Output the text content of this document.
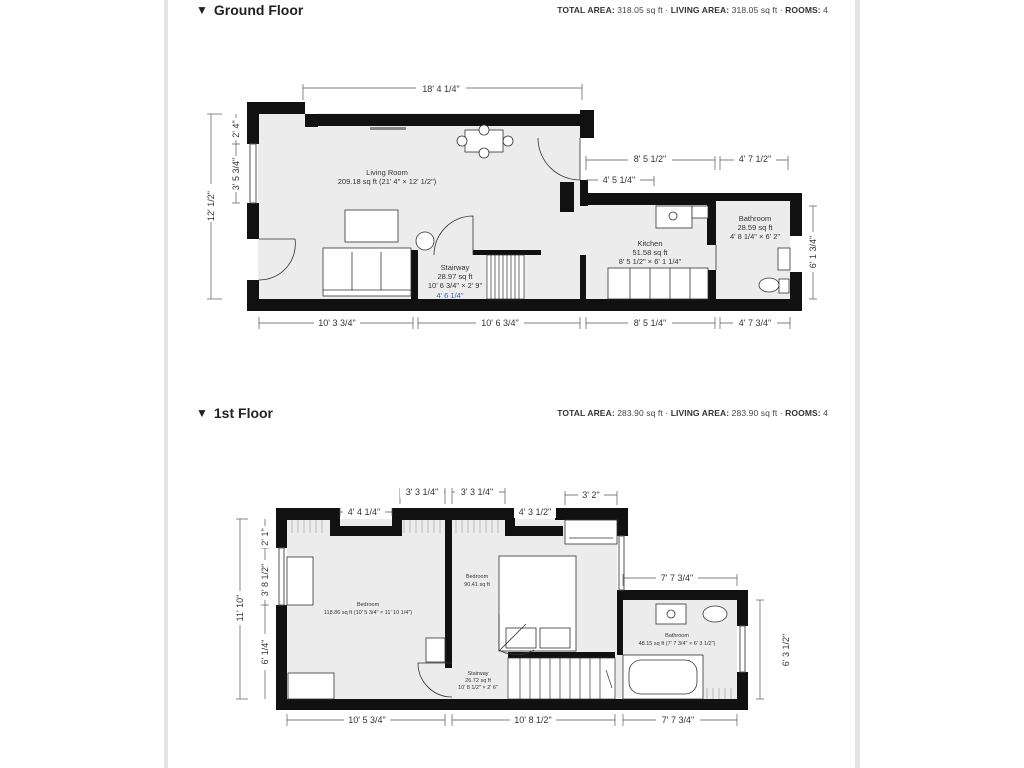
▼ Ground Floor	TOTAL AREA: 318.05 sq ft · LIVING AREA: 318.05 sq ft · ROOMS: 4
▼ 1st Floor	TOTAL AREA: 283.90 sq ft · LIVING AREA: 283.90 sq ft · ROOMS: 4
18' 4 1/4"
12' 1/2"
2' 4"
3' 5 3/4"	8' 5 1/2"	4' 7 1/2"
4' 5 1/4"
6' 1 3/4"
10' 3 3/4"	10' 6 3/4"	8' 5 1/4"	4' 7 3/4"
Living Room
209.18 sq ft (21' 4" × 12' 1/2")
Stairway
28.97 sq ft
10' 6 3/4" × 2' 9"
4' 6 1/4"
Kitchen
51.58 sq ft
8' 5 1/2" × 6' 1 1/4"
Bathroom
28.59 sq ft
4' 8 1/4" × 6' 2"
4' 4 1/4"
3' 3 1/4"	3' 3 1/4"
4' 3 1/2"
3' 2"
7' 7 3/4"
11' 10"
2' 1"
3' 8 1/2"
6' 1/4"	6' 3 1/2"
10' 5 3/4"	10' 8 1/2"	7' 7 3/4"
Bedroom
118.86 sq ft (10' 5 3/4" × 11' 10 1/4")
Bedroom
90.41 sq ft
Bathroom
48.15 sq ft (7' 7 3/4" × 6' 3 1/2")
Stairway
26.72 sq ft
10' 8 1/2" × 2' 6"
